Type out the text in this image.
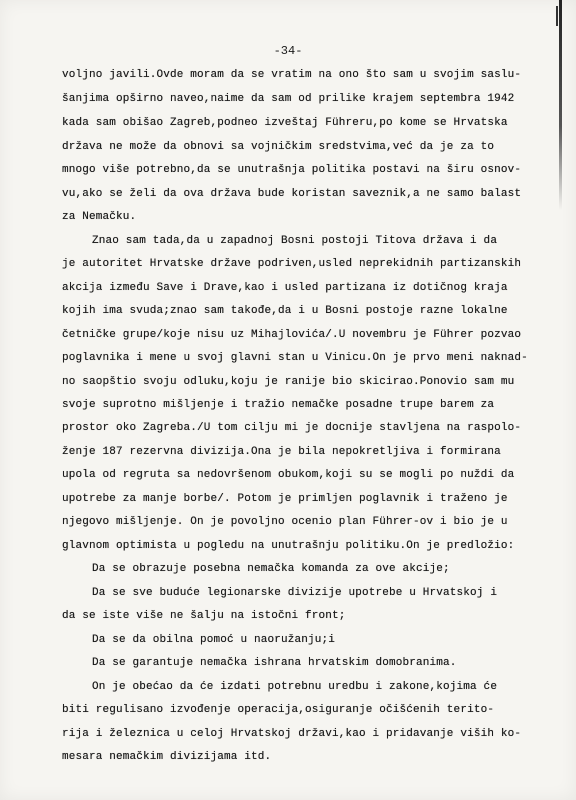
-34-
voljno javili.Ovde moram da se vratim na ono što sam u svojim saslu-
šanjima opširno naveo,naime da sam od prilike krajem septembra 1942
kada sam obišao Zagreb,podneo izveštaj Führeru,po kome se Hrvatska
država ne može da obnovi sa vojničkim sredstvima,već da je za to
mnogo više potrebno,da se unutrašnja politika postavi na širu osnov-
vu,ako se želi da ova država bude koristan saveznik,a ne samo balast
za Nemačku.
Znao sam tada,da u zapadnoj Bosni postoji Titova država i da
je autoritet Hrvatske države podriven,usled neprekidnih partizanskih
akcija između Save i Drave,kao i usled partizana iz dotičnog kraja
kojih ima svuda;znao sam takođe,da i u Bosni postoje razne lokalne
četničke grupe/koje nisu uz Mihajlovića/.U novembru je Führer pozvao
poglavnika i mene u svoj glavni stan u Vinicu.On je prvo meni naknad-
no saopštio svoju odluku,koju je ranije bio skicirao.Ponovio sam mu
svoje suprotno mišljenje i tražio nemačke posadne trupe barem za
prostor oko Zagreba./U tom cilju mi je docnije stavljena na raspolo-
ženje 187 rezervna divizija.Ona je bila nepokretljiva i formirana
upola od regruta sa nedovršenom obukom,koji su se mogli po nuždi da
upotrebe za manje borbe/. Potom je primljen poglavnik i traženo je
njegovo mišljenje. On je povoljno ocenio plan Führer-ov i bio je u
glavnom optimista u pogledu na unutrašnju politiku.On je predložio:
Da se obrazuje posebna nemačka komanda za ove akcije;
Da se sve buduće legionarske divizije upotrebe u Hrvatskoj i
da se iste više ne šalju na istočni front;
Da se da obilna pomoć u naoružanju;i
Da se garantuje nemačka ishrana hrvatskim domobranima.
On je obećao da će izdati potrebnu uredbu i zakone,kojima će
biti regulisano izvođenje operacija,osiguranje očišćenih terito-
rija i železnica u celoj Hrvatskoj državi,kao i pridavanje viših ko-
mesara nemačkim divizijama itd.
